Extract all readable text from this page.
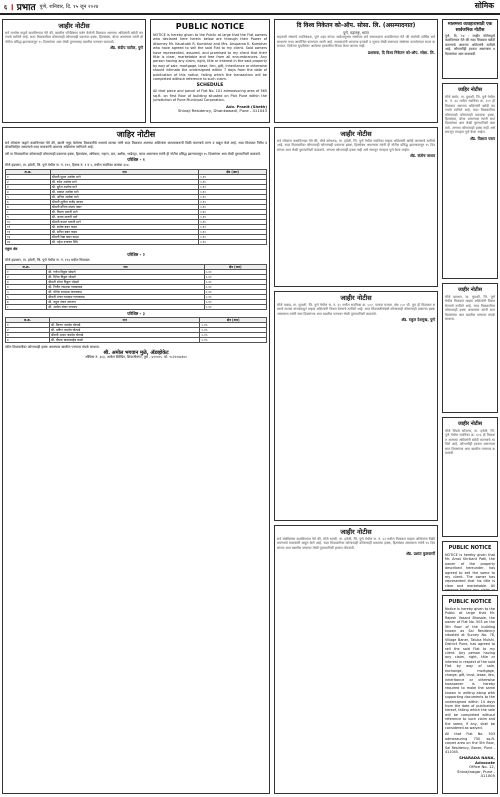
६ । प्रभात पुणे, शनिवार, दि. १५ जून २०२४	सोमिक
जाहीर नोटीस

सर्व जनतेस याद्वारे कळविण्यात येते की, खालील परिशिष्टात वर्णन केलेली मिळकत आमच्या अशिलांनी खरेदी करण्याचे ठरविले आहे. सदर मिळकतीवर कोणाचाही कोणत्याही प्रकारचा हक्क, हितसंबंध, बोजा असल्यास त्यांनी ही नोटीस प्रसिद्ध झाल्यापासून १५ दिवसांच्या आत लेखी पुराव्यासह खालील पत्त्यावर कळवावे.

अ‍ॅड. संदीप पाटील, पुणे
PUBLIC NOTICE

NOTICE is hereby given to the Public at large that the Flat owners who declared here herein below are through their Power of Attorney Mr. Kaustubh R. Kumbhar and Mrs. Anupama K. Kumbhar who have agreed to sell the said Flat to my client. Said owners have represented, assured, and promised to my client that their title is clear, marketable and free from all encumbrances. Any person having any claim, right, title or interest in the said property by way of sale, mortgage, lease, lien, gift, inheritance or otherwise should intimate the undersigned within 7 days from the date of publication of this notice, failing which the transaction will be completed without reference to such claim.

SCHEDULE

All that piece and parcel of Flat No. 101 admeasuring area of 565 sq.ft. on first floor of building situated on Plot Pune within the jurisdiction of Pune Municipal Corporation.

Adv. Pranit (Sheth)
Shivaji Residency, Dhankawadi, Pune - 411043
दि विश्व निकेतन को-ऑप. सोसा. लि. (असम्पादनात)
पुणे, महाराष्ट्र, भारत

सहकारी संस्थांचे उपनिबंधक, पुणे शहर यांच्या आदेशानुसार संस्थेच्या सर्व सभासदांना कळविण्यात येते की संस्थेची वार्षिक सर्वसाधारण सभा आयोजित करण्यात आली आहे. सभासदांनी आपल्या हरकती व सूचना लेखी स्वरूपात संस्थेच्या कार्यालयात सादर कराव्यात. दिलेल्या मुदतीनंतर आलेल्या हरकतींचा विचार केला जाणार नाही.

प्रशासक, दि विश्व निकेतन को-ऑप. सोसा. लि.
जाहिर नोटीस

सर्व लोकांना याद्वारे कळविण्यात येते की, खाली नमूद केलेल्या मिळकतीचे सध्याचे मालक यांनी सदर मिळकत आमच्या अशिलांना कायमस्वरूपी विक्री करण्याचे मान्य व कबूल केले आहे. सदर मिळकत निर्वेध व बोजाविरहित असल्याचे सदर मालकांनी आमच्या अशिलांना सांगितले आहे.

तरी या मिळकतीवर कोणाचाही कोणत्याही प्रकारचा हक्क, हितसंबंध, अधिकार, गहाण, दान, बक्षीस, भाडेपट्टा, करार असल्यास त्यांनी ही नोटीस प्रसिद्ध झाल्यापासून १५ दिवसांच्या आत लेखी पुराव्यानिशी कळवावे.

परिशिष्ट - १

मौजे हडपसर, ता. हवेली, जि. पुणे येथील स. नं. १९२, हिस्सा नं. १ व २, मधील सदनिका क्रमांक ३०४.

अ.क्र.	नाव	क्षेत्र (आर)
१	श्रीमती सुमन अशोक माने	०.१०
२	श्री. रमेश अशोक माने	०.१०
३	श्री. सुरेश अशोक माने	०.१०
४	श्री. प्रकाश अशोक माने	०.१०
५	श्री. अनिल अशोक माने	०.१०
६	श्रीमती सुनीता राजेंद्र जाधव	०.१०
७	श्रीमती वनिता संजय पवार	०.१०
८	श्री. विजय मारुती माने	०.१०
९	श्री. अजय मारुती माने	०.१०
१०	श्रीमती कमल मारुती माने	०.१०
११	श्री. संतोष बबन कदम	०.१०
१२	श्री. सचिन बबन कदम	०.१०
१३	श्रीमती रेखा बबन कदम	०.१०
१४	श्री. महेश दत्तात्रय शिंदे	०.१०
एकूण क्षेत्र
परिशिष्ट - २

मौजे हडपसर, ता. हवेली, जि. पुणे येथील स. नं. १९३ मधील मिळकत.

अ.क्र.	नाव	क्षेत्र (आर)
१	श्री. गणेश विठ्ठल भोसले	०.२०
२	श्री. दिनेश विठ्ठल भोसले	०.२०
३	श्रीमती शोभा विठ्ठल भोसले	०.२०
४	श्री. नितीन रामदास गायकवाड	०.२०
५	श्री. योगेश रामदास गायकवाड	०.२०
६	श्रीमती मंगल रामदास गायकवाड	०.२०
७	श्री. राहुल शंकर जगताप	०.२०
८	श्री. अमोल शंकर जगताप	०.२०
परिशिष्ट - ३
अ.क्र.	नाव	क्षेत्र (आर)
१	श्री. किरण नामदेव घोरपडे	०.१५
२	श्री. प्रवीण नामदेव घोरपडे	०.१५
३	श्रीमती आशा नामदेव घोरपडे	०.१५
४	श्री. दीपक बाळासाहेब काळे	०.१५

वरील मिळकतीवर कोणाचाही हक्क असल्यास खालील पत्त्यावर संपर्क साधावा.

श्री. अमोल भगवान मुळे, अ‍ॅडव्होकेट
ऑफिस नं. ३०३, अमोल बिल्डिंग, शिवाजीनगर, पुणे - ४११००५. मो. ९८२२०७४१४०
जाहीर नोटीस

सर्व लोकांना कळविण्यात येते की, मौजे कोथरूड, ता. हवेली, जि. पुणे येथील सदनिका माझ्या अशिलांनी खरेदी करण्याचे ठरविले आहे. सदर मिळकतीवर कोणाचाही कोणत्याही प्रकारचा हक्क, हितसंबंध असल्यास त्यांनी ही नोटीस प्रसिद्ध झाल्यापासून १५ दिवसांच्या आत लेखी पुराव्यानिशी कळवावे. अन्यथा कोणाचाही हक्क नाही असे समजून व्यवहार पूर्ण केला जाईल.

अ‍ॅड. संतोष जाधव
जाहीर नोटीस

मौजे वाकड, ता. मुळशी, जि. पुणे येथील स. नं. ६५ मधील सदनिका क्र. ५०२, पाचवा मजला, क्षेत्र ८५० चौ. फूट ही मिळकत सध्याचे मालक यांच्याकडून माझ्या अशिलांनी विकत घेण्याचे ठरविले आहे. सदर मिळकतीसंबंधी कोणाचाही कोणत्याही प्रकारचा हक्क असल्यास त्यांनी सात दिवसांच्या आत खालील पत्त्यावर लेखी पुराव्यानिशी कळवावे.

अ‍ॅड. राहुल देशमुख, पुणे
जाहीर नोटीस

सर्व संबंधितांना कळविण्यात येते की, मौजे धायरी, ता. हवेली, जि. पुणे येथील स. नं. ४२ मधील मिळकत माझ्या अशिलांना विक्री करण्याचे मालकांनी कबूल केले आहे. सदर मिळकतीवर कोणाचाही कोणत्याही प्रकारचा हक्क, हितसंबंध असल्यास त्यांनी १४ दिवसांच्या आत खालील पत्त्यावर लेखी पुराव्यानिशी हरकत नोंदवावी.

अ‍ॅड. प्रशांत कुलकर्णी
मालमत्ता व्यवहारासाठी एक सार्वजनिक नोटीस

पुणे, दि. १४ : जाहीर नोटीसद्वारे कळविण्यात येते की सदर मिळकत खरेदी करण्याचे आमच्या अशिलांनी ठरविले आहे. कोणाचीही हरकत असल्यास ७ दिवसांच्या आत कळवावी.

जाहिर नोटीस

मौजे बाणेर, ता. मुळशी, जि. पुणे येथील स. नं. ३४ मधील सदनिका क्र. २०१ ही मिळकत आमच्या अशिलांनी खरेदी करण्याचे ठरविले आहे. सदर मिळकतीवर कोणाचाही कोणत्याही प्रकारचा हक्क, हितसंबंध, बोजा असल्यास त्यांनी सात दिवसांच्या आत लेखी पुराव्यानिशी कळवावे. अन्यथा कोणाचाही हक्क नाही असे समजून व्यवहार पूर्ण केला जाईल.

अ‍ॅड. विशाल पवार
जाहीर नोटीस

मौजे बावधन, ता. मुळशी, जि. पुणे येथील मिळकत माझ्या अशिलांनी विकत घेण्याचे ठरविले आहे. सदर मिळकतीवर कोणाचाही हक्क असल्यास त्यांनी सात दिवसांच्या आत खालील पत्त्यावर संपर्क साधावा.

जाहीर नोटीस

मौजे पिंपळे सौदागर, ता. हवेली, जि. पुणे येथील सदनिका क्र. ६०३ ही मिळकत आमच्या अशिलांनी खरेदी करण्याचे ठरविले आहे. कोणाचीही हरकत असल्यास सात दिवसांच्या आत खालील पत्त्यावर कळवावी.

PUBLIC NOTICE

NOTICE is hereby given that Mr. Amol Shrikant Patil, the owner of the property described hereunder, has agreed to sell the same to my client. The owner has represented that his title is clear and marketable. All persons having any claim or

PUBLIC NOTICE

Notice is hereby given to the Public at large that Mr. Rajesh Vasant Bhosale, the owner of Flat No. 503 on the 5th floor of the building known as Sai Residency situated at Survey No. 78, Village Baner, Taluka Mulshi, District Pune, has agreed to sell the said Flat to my client. Any person having any claim, right, title or interest in respect of the said Flat by way of sale, exchange, mortgage, charge, gift, trust, lease, lien, inheritance or otherwise howsoever is hereby required to make the same known in writing along with supporting documents to the undersigned within 14 days from the date of publication hereof, failing which the sale will be completed without reference to such claim and the same, if any, shall be considered as waived.

All that Flat No. 503 admeasuring 750 sq.ft. carpet area on the 5th floor, Sai Residency, Baner, Pune - 411045.

SHARADA NANA, Advocate
Office No. 12, Shivajinagar, Pune - 411005
